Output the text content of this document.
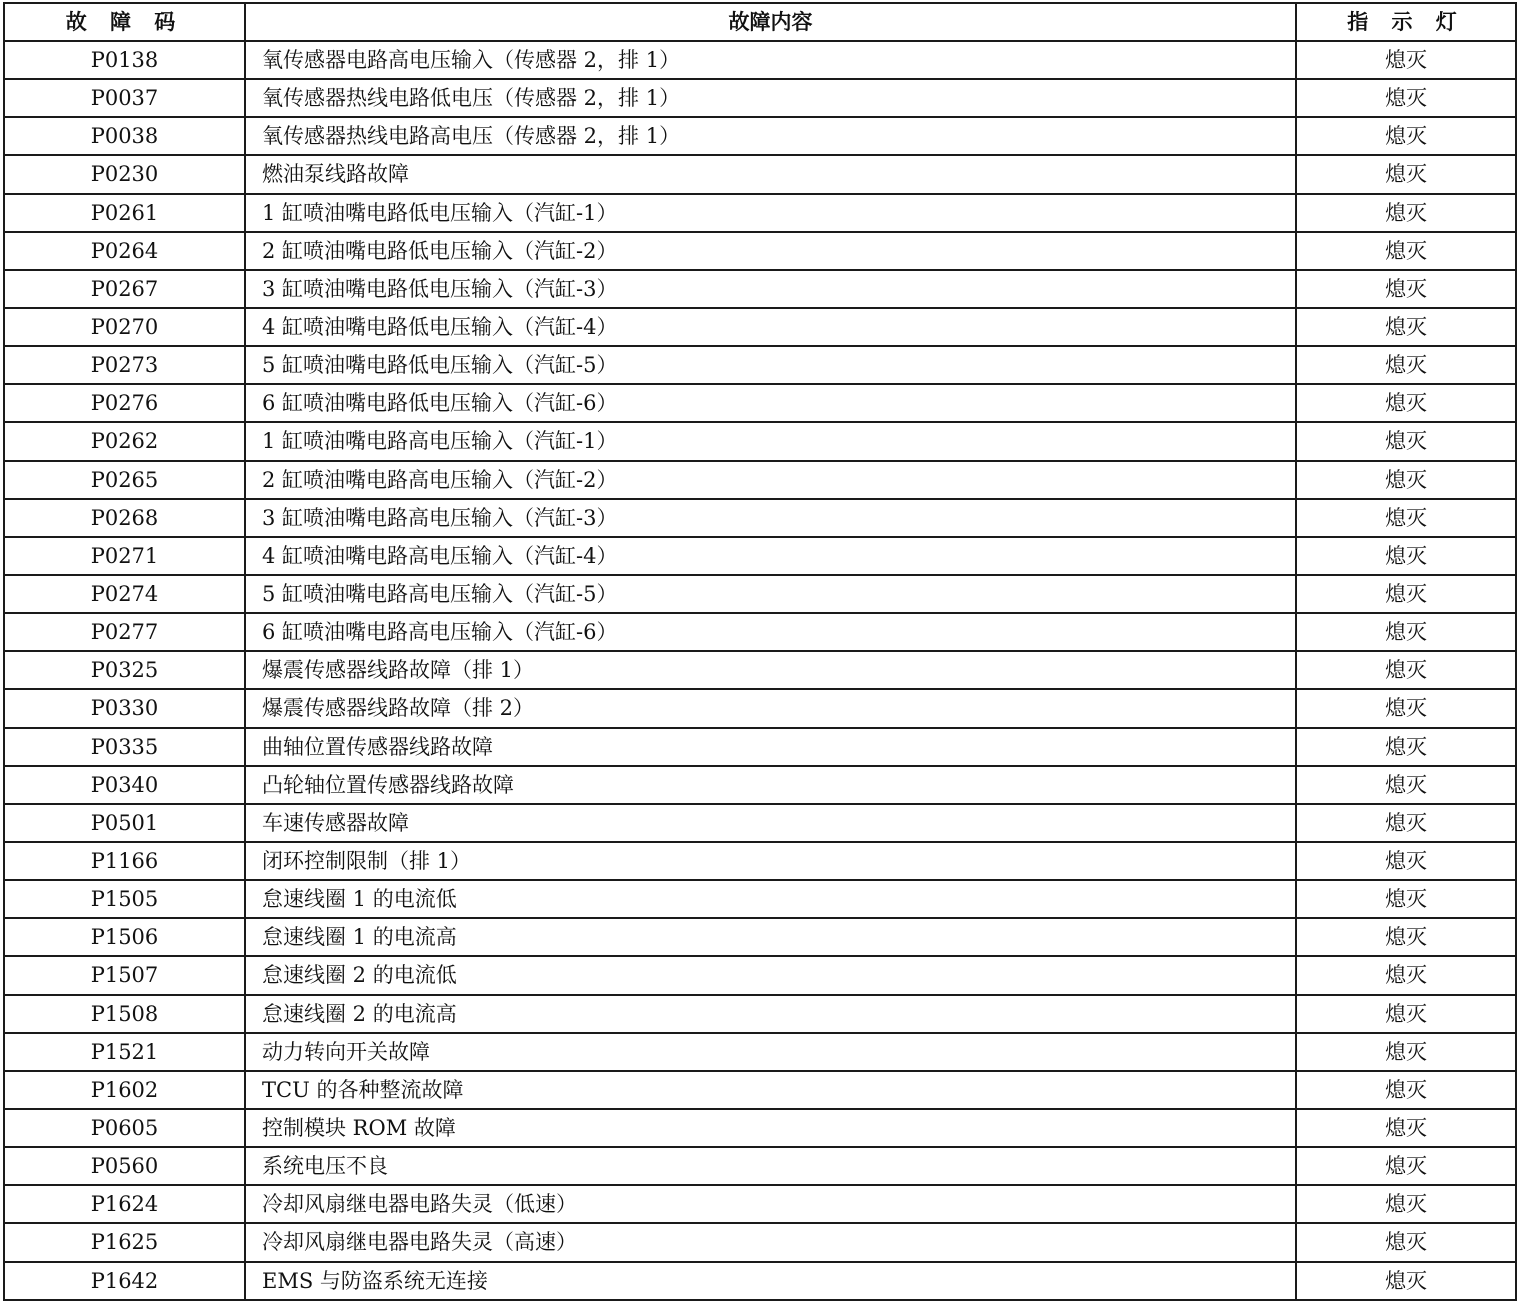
故 障 码	故障内容	指 示 灯
P0138	氧传感器电路高电压输入（传感器 2，排 1）	熄灭
P0037	氧传感器热线电路低电压（传感器 2，排 1）	熄灭
P0038	氧传感器热线电路高电压（传感器 2，排 1）	熄灭
P0230	燃油泵线路故障	熄灭
P0261	1 缸喷油嘴电路低电压输入（汽缸-1）	熄灭
P0264	2 缸喷油嘴电路低电压输入（汽缸-2）	熄灭
P0267	3 缸喷油嘴电路低电压输入（汽缸-3）	熄灭
P0270	4 缸喷油嘴电路低电压输入（汽缸-4）	熄灭
P0273	5 缸喷油嘴电路低电压输入（汽缸-5）	熄灭
P0276	6 缸喷油嘴电路低电压输入（汽缸-6）	熄灭
P0262	1 缸喷油嘴电路高电压输入（汽缸-1）	熄灭
P0265	2 缸喷油嘴电路高电压输入（汽缸-2）	熄灭
P0268	3 缸喷油嘴电路高电压输入（汽缸-3）	熄灭
P0271	4 缸喷油嘴电路高电压输入（汽缸-4）	熄灭
P0274	5 缸喷油嘴电路高电压输入（汽缸-5）	熄灭
P0277	6 缸喷油嘴电路高电压输入（汽缸-6）	熄灭
P0325	爆震传感器线路故障（排 1）	熄灭
P0330	爆震传感器线路故障（排 2）	熄灭
P0335	曲轴位置传感器线路故障	熄灭
P0340	凸轮轴位置传感器线路故障	熄灭
P0501	车速传感器故障	熄灭
P1166	闭环控制限制（排 1）	熄灭
P1505	怠速线圈 1 的电流低	熄灭
P1506	怠速线圈 1 的电流高	熄灭
P1507	怠速线圈 2 的电流低	熄灭
P1508	怠速线圈 2 的电流高	熄灭
P1521	动力转向开关故障	熄灭
P1602	TCU 的各种整流故障	熄灭
P0605	控制模块 ROM 故障	熄灭
P0560	系统电压不良	熄灭
P1624	冷却风扇继电器电路失灵（低速）	熄灭
P1625	冷却风扇继电器电路失灵（高速）	熄灭
P1642	EMS 与防盗系统无连接	熄灭
